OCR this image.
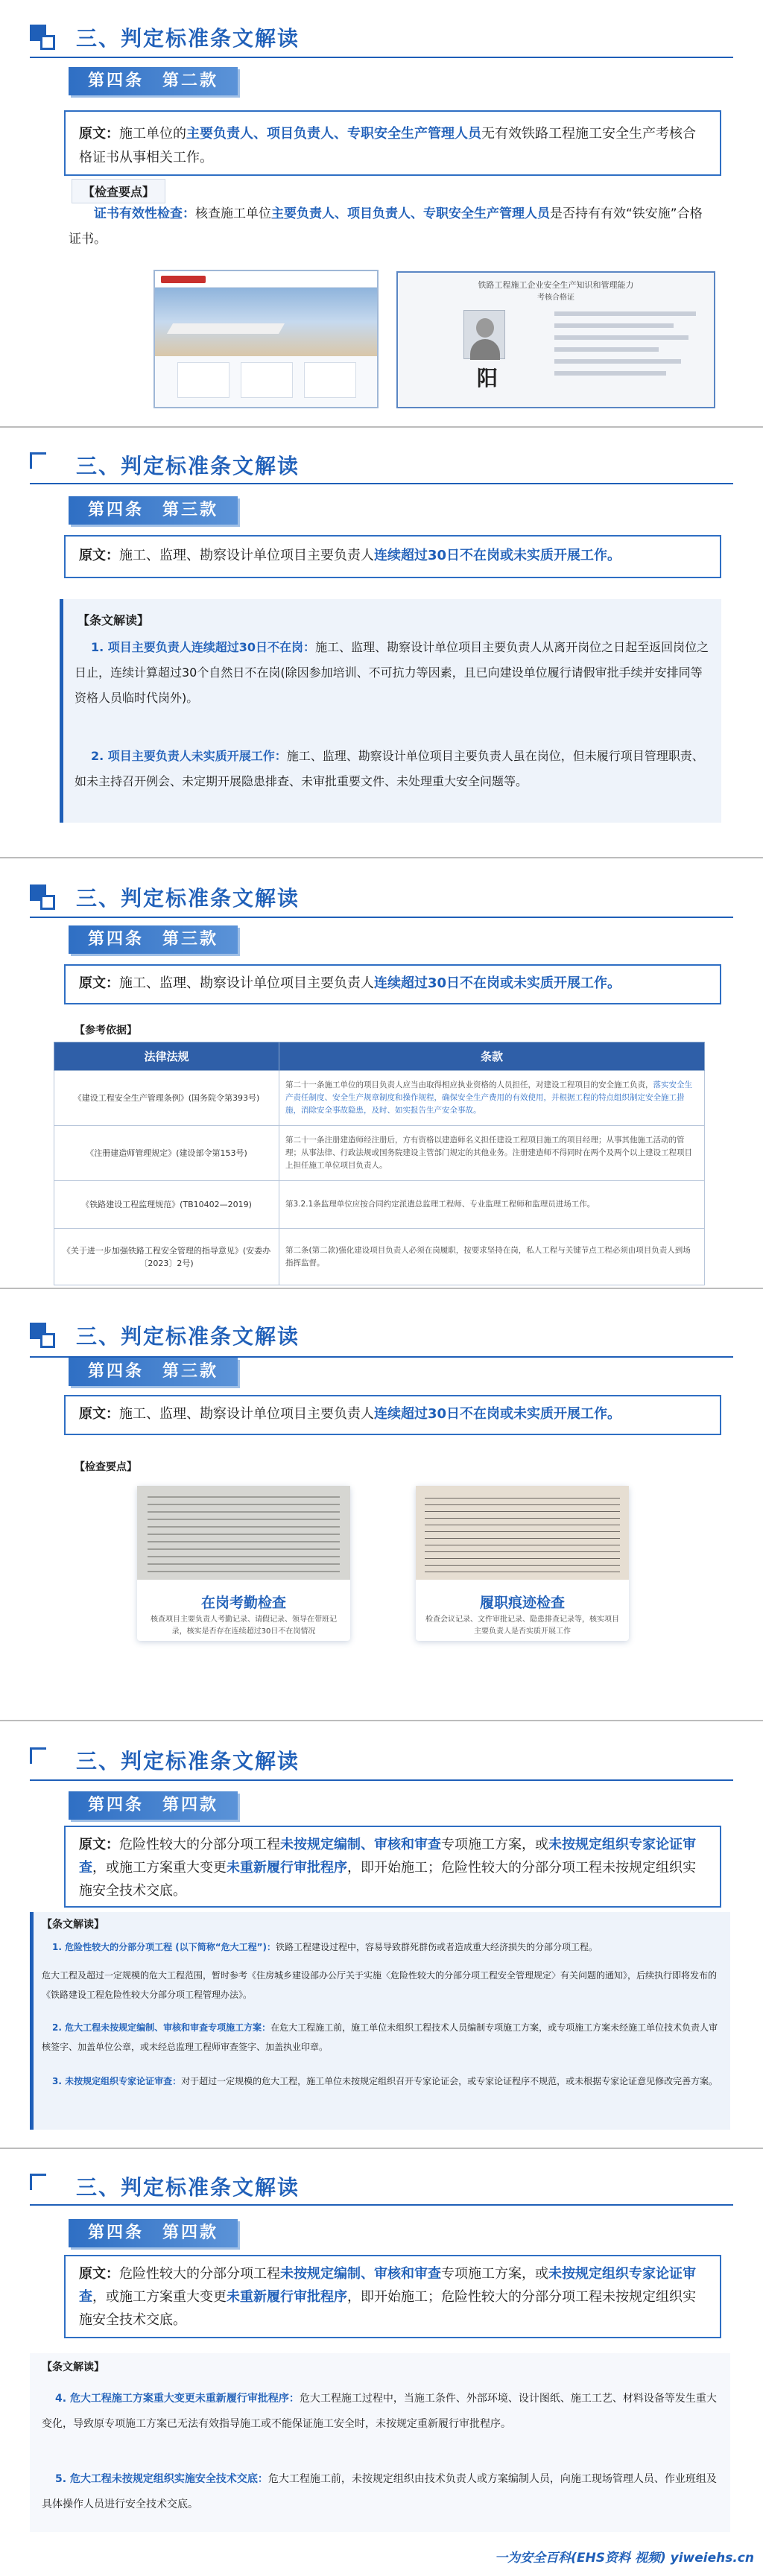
三、判定标准条文解读
第四条　第二款
原文：施工单位的主要负责人、项目负责人、专职安全生产管理人员无有效铁路工程施工安全生产考核合格证书从事相关工作。
【检查要点】
证书有效性检查：核查施工单位主要负责人、项目负责人、专职安全生产管理人员是否持有有效“铁安施”合格证书。
铁路工程施工企业安全生产知识和管理能力
考核合格证
阳
三、判定标准条文解读
第四条　第三款
原文：施工、监理、勘察设计单位项目主要负责人连续超过30日不在岗或未实质开展工作。
【条文解读】
1. 项目主要负责人连续超过30日不在岗：施工、监理、勘察设计单位项目主要负责人从离开岗位之日起至返回岗位之日止，连续计算超过30个自然日不在岗(除因参加培训、不可抗力等因素，且已向建设单位履行请假审批手续并安排同等资格人员临时代岗外)。
2. 项目主要负责人未实质开展工作：施工、监理、勘察设计单位项目主要负责人虽在岗位，但未履行项目管理职责、如未主持召开例会、未定期开展隐患排查、未审批重要文件、未处理重大安全问题等。
三、判定标准条文解读
第四条　第三款
原文：施工、监理、勘察设计单位项目主要负责人连续超过30日不在岗或未实质开展工作。
【参考依据】
法律法规	条款
《建设工程安全生产管理条例》(国务院令第393号)	第二十一条施工单位的项目负责人应当由取得相应执业资格的人员担任，对建设工程项目的安全施工负责，落实安全生产责任制度、安全生产规章制度和操作规程，确保安全生产费用的有效使用，并根据工程的特点组织制定安全施工措施，消除安全事故隐患，及时、如实报告生产安全事故。
《注册建造师管理规定》(建设部令第153号)	第二十一条注册建造师经注册后，方有资格以建造师名义担任建设工程项目施工的项目经理；从事其他施工活动的管理；从事法律、行政法规或国务院建设主管部门规定的其他业务。注册建造师不得同时在两个及两个以上建设工程项目上担任施工单位项目负责人。
《铁路建设工程监理规范》(TB10402—2019)	第3.2.1条监理单位应按合同约定派遣总监理工程师、专业监理工程师和监理员进场工作。
《关于进一步加强铁路工程安全管理的指导意见》(安委办〔2023〕2号)	第二条(第二款)强化建设项目负责人必须在岗履职，按要求坚持在岗，私人工程与关键节点工程必须由项目负责人到场指挥监督。
三、判定标准条文解读
第四条　第三款
原文：施工、监理、勘察设计单位项目主要负责人连续超过30日不在岗或未实质开展工作。
【检查要点】
在岗考勤检查
核查项目主要负责人考勤记录、请假记录、领导在带班记录，核实是否存在连续超过30日不在岗情况
履职痕迹检查
检查会议记录、文件审批记录、隐患排查记录等，核实项目主要负责人是否实质开展工作
三、判定标准条文解读
第四条　第四款
原文：危险性较大的分部分项工程未按规定编制、审核和审查专项施工方案，或未按规定组织专家论证审查，或施工方案重大变更未重新履行审批程序，即开始施工；危险性较大的分部分项工程未按规定组织实施安全技术交底。
【条文解读】
1. 危险性较大的分部分项工程 (以下简称“危大工程”)：铁路工程建设过程中，容易导致群死群伤或者造成重大经济损失的分部分项工程。
危大工程及超过一定规模的危大工程范围，暂时参考《住房城乡建设部办公厅关于实施〈危险性较大的分部分项工程安全管理规定〉有关问题的通知》，后续执行即将发布的《铁路建设工程危险性较大分部分项工程管理办法》。
2. 危大工程未按规定编制、审核和审查专项施工方案：在危大工程施工前，施工单位未组织工程技术人员编制专项施工方案，或专项施工方案未经施工单位技术负责人审核签字、加盖单位公章，或未经总监理工程师审查签字、加盖执业印章。
3. 未按规定组织专家论证审查：对于超过一定规模的危大工程，施工单位未按规定组织召开专家论证会，或专家论证程序不规范，或未根据专家论证意见修改完善方案。
三、判定标准条文解读
第四条　第四款
原文：危险性较大的分部分项工程未按规定编制、审核和审查专项施工方案，或未按规定组织专家论证审查，或施工方案重大变更未重新履行审批程序，即开始施工；危险性较大的分部分项工程未按规定组织实施安全技术交底。
【条文解读】
4. 危大工程施工方案重大变更未重新履行审批程序：危大工程施工过程中，当施工条件、外部环境、设计图纸、施工工艺、材料设备等发生重大变化，导致原专项施工方案已无法有效指导施工或不能保证施工安全时，未按规定重新履行审批程序。
5. 危大工程未按规定组织实施安全技术交底：危大工程施工前，未按规定组织由技术负责人或方案编制人员，向施工现场管理人员、作业班组及具体操作人员进行安全技术交底。
一为安全百科(EHS资料 视频) yiweiehs.cn
